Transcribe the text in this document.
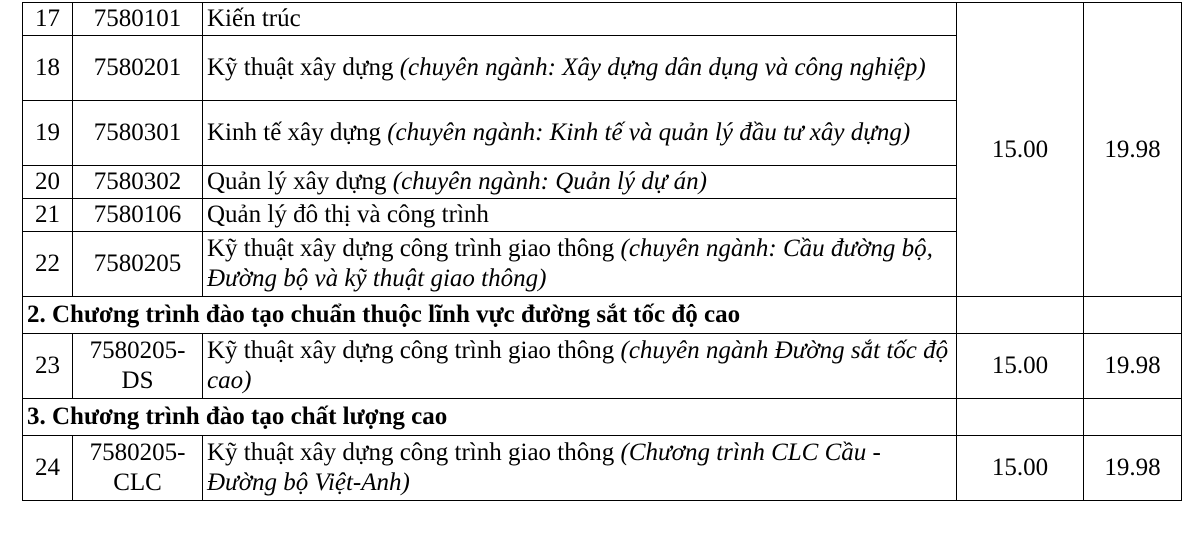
17	7580101	Kiến trúc	15.00	19.98
18	7580201	Kỹ thuật xây dựng (chuyên ngành: Xây dựng dân dụng và công nghiệp)		
19	7580301	Kinh tế xây dựng (chuyên ngành: Kinh tế và quản lý đầu tư xây dựng)		
20	7580302	Quản lý xây dựng (chuyên ngành: Quản lý dự án)		
21	7580106	Quản lý đô thị và công trình		
22	7580205	Kỹ thuật xây dựng công trình giao thông (chuyên ngành: Cầu đường bộ, Đường bộ và kỹ thuật giao thông)		
2. Chương trình đào tạo chuẩn thuộc lĩnh vực đường sắt tốc độ cao				
23	7580205-DS	Kỹ thuật xây dựng công trình giao thông (chuyên ngành Đường sắt tốc độ cao)	15.00	19.98
3. Chương trình đào tạo chất lượng cao				
24	7580205-CLC	Kỹ thuật xây dựng công trình giao thông (Chương trình CLC Cầu - Đường bộ Việt-Anh)	15.00	19.98
